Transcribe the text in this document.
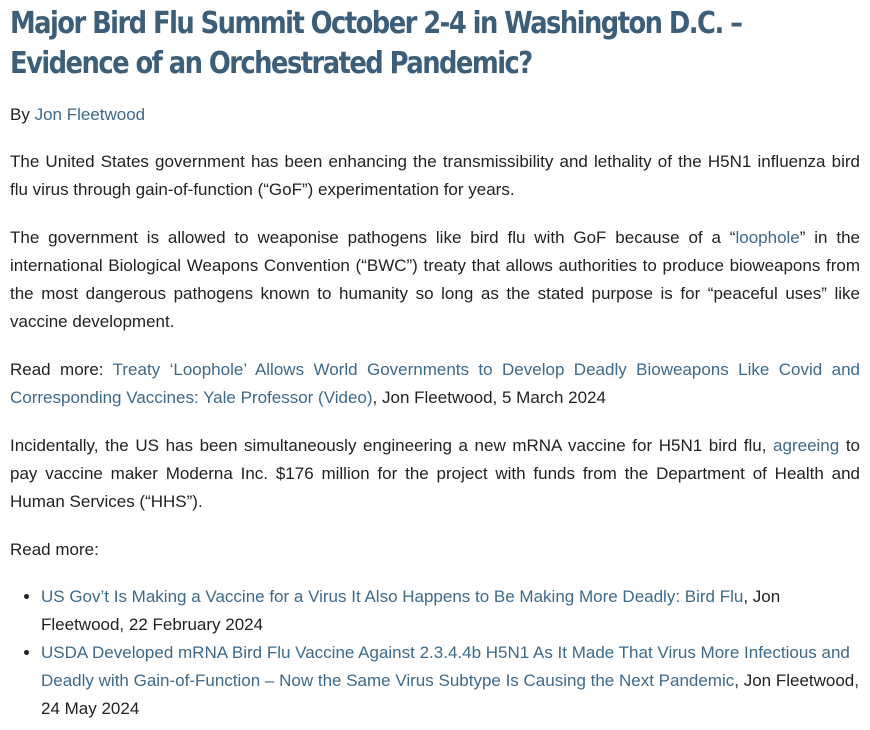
Major Bird Flu Summit October 2-4 in Washington D.C. – Evidence of an Orchestrated Pandemic?

By Jon Fleetwood

The United States government has been enhancing the transmissibility and lethality of the H5N1 influenza bird flu virus through gain-of-function (“GoF”) experimentation for years.

The government is allowed to weaponise pathogens like bird flu with GoF because of a “loophole” in the international Biological Weapons Convention (“BWC”) treaty that allows authorities to produce bioweapons from the most dangerous pathogens known to humanity so long as the stated purpose is for “peaceful uses” like vaccine development.

Read more: Treaty ‘Loophole’ Allows World Governments to Develop Deadly Bioweapons Like Covid and Corresponding Vaccines: Yale Professor (Video), Jon Fleetwood, 5 March 2024

Incidentally, the US has been simultaneously engineering a new mRNA vaccine for H5N1 bird flu, agreeing to pay vaccine maker Moderna Inc. $176 million for the project with funds from the Department of Health and Human Services (“HHS”).

Read more:

• US Gov’t Is Making a Vaccine for a Virus It Also Happens to Be Making More Deadly: Bird Flu, Jon Fleetwood, 22 February 2024
• USDA Developed mRNA Bird Flu Vaccine Against 2.3.4.4b H5N1 As It Made That Virus More Infectious and Deadly with Gain-of-Function – Now the Same Virus Subtype Is Causing the Next Pandemic, Jon Fleetwood, 24 May 2024
